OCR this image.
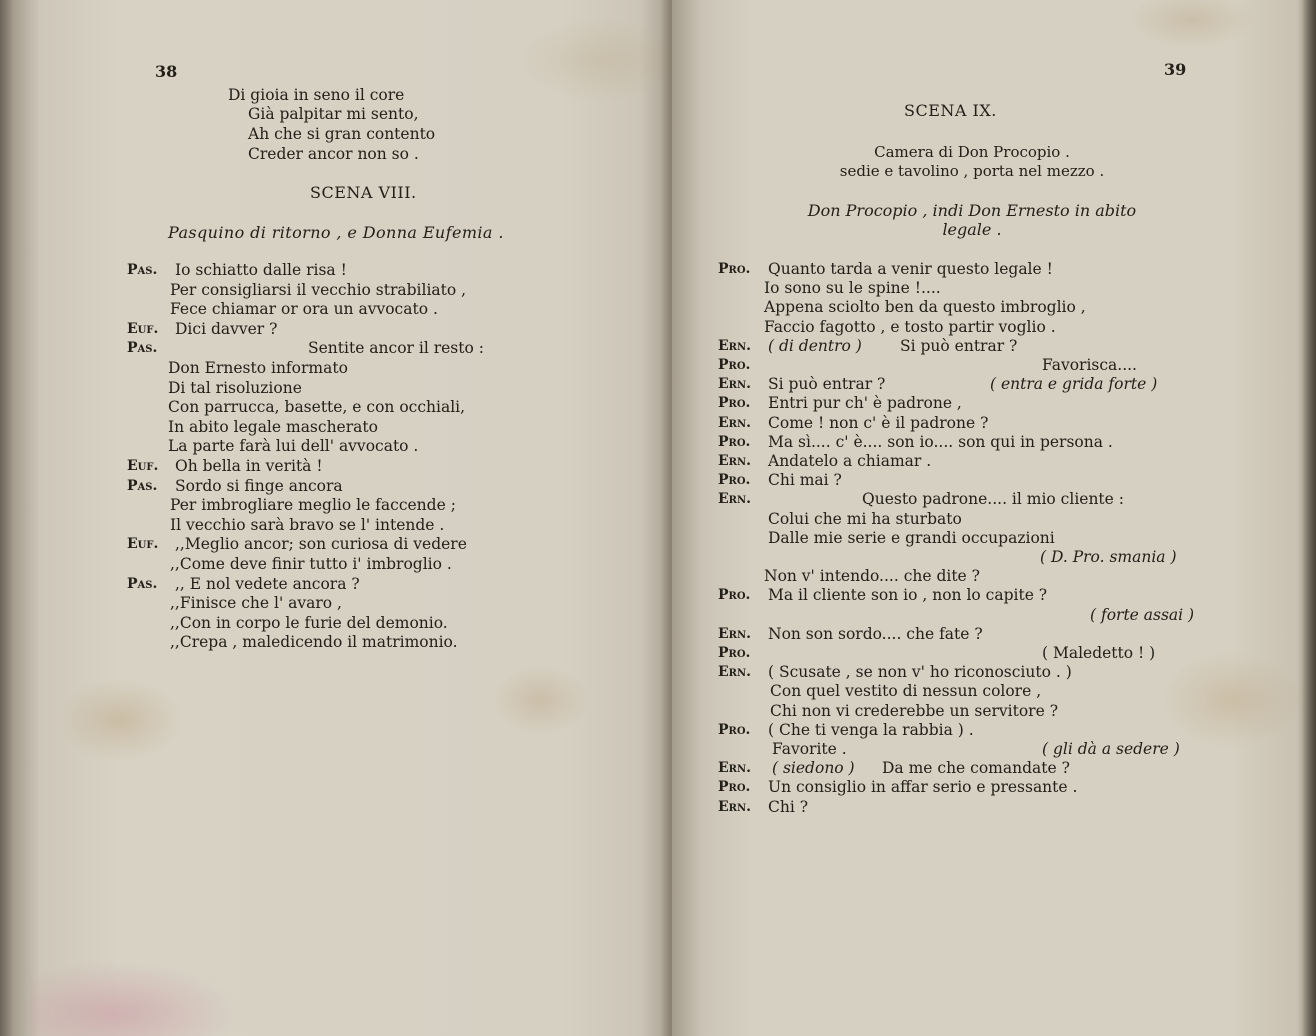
38
Di gioia in seno il core
Già palpitar mi sento,
Ah che si gran contento
Creder ancor non so .
SCENA VIII.
Pasquino di ritorno , e Donna Eufemia .
Pas. Io schiatto dalle risa !
Per consigliarsi il vecchio strabiliato ,
Fece chiamar or ora un avvocato .
Euf. Dici davver ?
Pas.	Sentite ancor il resto :
Don Ernesto informato
Di tal risoluzione
Con parrucca, basette, e con occhiali,
In abito legale mascherato
La parte farà lui dell' avvocato .
Euf. Oh bella in verità !
Pas. Sordo si finge ancora
Per imbrogliare meglio le faccende ;
Il vecchio sarà bravo se l' intende .
Euf. ,,Meglio ancor; son curiosa di vedere
,,Come deve finir tutto i' imbroglio .
Pas. ,, E nol vedete ancora ?
,,Finisce che l' avaro ,
,,Con in corpo le furie del demonio.
,,Crepa , maledicendo il matrimonio.
39
SCENA IX.
Camera di Don Procopio .
sedie e tavolino , porta nel mezzo .
Don Procopio , indi Don Ernesto in abito
legale .
Pro. Quanto tarda a venir questo legale !
Io sono su le spine !....
Appena sciolto ben da questo imbroglio ,
Faccio fagotto , e tosto partir voglio .
Ern.	Si può entrar ?
( di dentro )
Pro.	Favorisca....
Ern. Si può entrar ?	( entra e grida forte )
Pro. Entri pur ch' è padrone ,
Ern. Come ! non c' è il padrone ?
Pro. Ma sì.... c' è.... son io.... son qui in persona .
Ern. Andatelo a chiamar .
Pro. Chi mai ?
Ern.	Questo padrone.... il mio cliente :
Colui che mi ha sturbato
Dalle mie serie e grandi occupazioni
( D. Pro. smania )
Non v' intendo.... che dite ?
Pro. Ma il cliente son io , non lo capite ?
( forte assai )
Ern. Non son sordo.... che fate ?
Pro.	( Maledetto ! )
Ern. ( Scusate , se non v' ho riconosciuto . )
Con quel vestito di nessun colore ,
Chi non vi crederebbe un servitore ?
Pro. ( Che ti venga la rabbia ) .
Favorite .	( gli dà a sedere )
Ern.	Da me che comandate ?
( siedono )
Pro. Un consiglio in affar serio e pressante .
Ern. Chi ?
